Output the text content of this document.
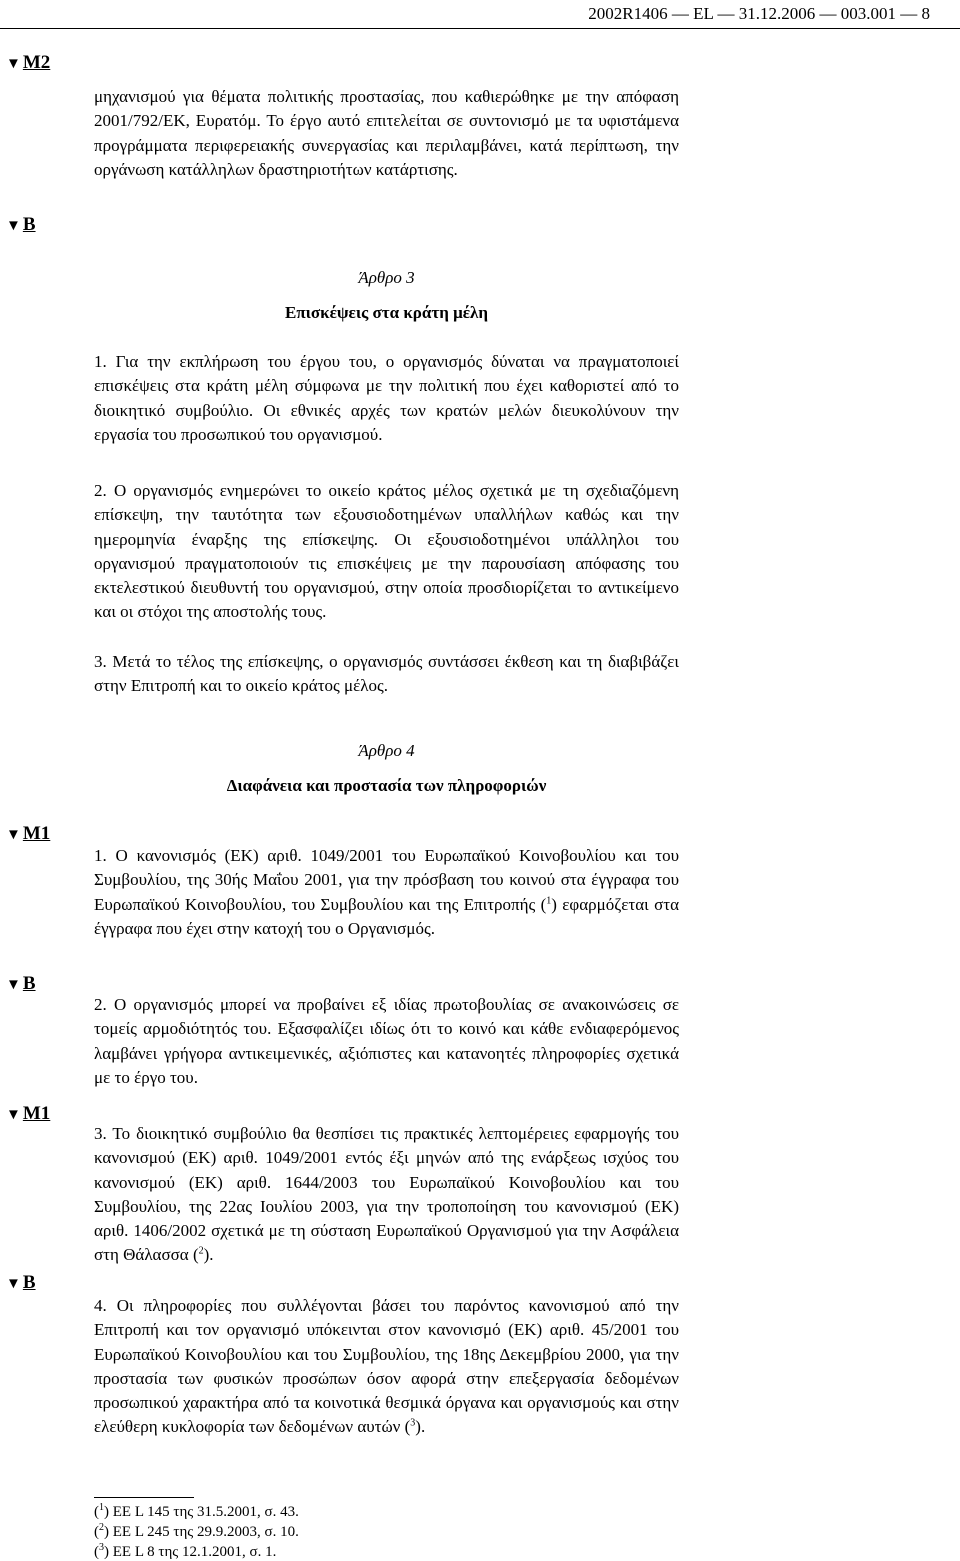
2002R1406 — EL — 31.12.2006 — 003.001 — 8
▼ M2
▼ B
▼ M1
▼ B
▼ M1
▼ B

μηχανισμού για θέματα πολιτικής προστασίας, που καθιερώθηκε με την απόφαση 2001/792/ΕΚ, Ευρατόμ. Το έργο αυτό επιτελείται σε συντονισμό με τα υφιστάμενα προγράμματα περιφερειακής συνεργασίας και περιλαμβάνει, κατά περίπτωση, την οργάνωση κατάλληλων δραστηριοτήτων κατάρτισης.

Άρθρο 3
Επισκέψεις στα κράτη μέλη

1. Για την εκπλήρωση του έργου του, ο οργανισμός δύναται να πραγματοποιεί επισκέψεις στα κράτη μέλη σύμφωνα με την πολιτική που έχει καθοριστεί από το διοικητικό συμβούλιο. Οι εθνικές αρχές των κρατών μελών διευκολύνουν την εργασία του προσωπικού του οργανισμού.

2. Ο οργανισμός ενημερώνει το οικείο κράτος μέλος σχετικά με τη σχεδιαζόμενη επίσκεψη, την ταυτότητα των εξουσιοδοτημένων υπαλλήλων καθώς και την ημερομηνία έναρξης της επίσκεψης. Οι εξουσιοδοτημένοι υπάλληλοι του οργανισμού πραγματοποιούν τις επισκέψεις με την παρουσίαση απόφασης του εκτελεστικού διευθυντή του οργανισμού, στην οποία προσδιορίζεται το αντικείμενο και οι στόχοι της αποστολής τους.

3. Μετά το τέλος της επίσκεψης, ο οργανισμός συντάσσει έκθεση και τη διαβιβάζει στην Επιτροπή και το οικείο κράτος μέλος.

Άρθρο 4
Διαφάνεια και προστασία των πληροφοριών

1. Ο κανονισμός (ΕΚ) αριθ. 1049/2001 του Ευρωπαϊκού Κοινοβουλίου και του Συμβουλίου, της 30ής Μαΐου 2001, για την πρόσβαση του κοινού στα έγγραφα του Ευρωπαϊκού Κοινοβουλίου, του Συμβουλίου και της Επιτροπής ($^1$) εφαρμόζεται στα έγγραφα που έχει στην κατοχή του ο Οργανισμός.

2. Ο οργανισμός μπορεί να προβαίνει εξ ιδίας πρωτοβουλίας σε ανακοινώσεις σε τομείς αρμοδιότητός του. Εξασφαλίζει ιδίως ότι το κοινό και κάθε ενδιαφερόμενος λαμβάνει γρήγορα αντικειμενικές, αξιόπιστες και κατανοητές πληροφορίες σχετικά με το έργο του.

3. Το διοικητικό συμβούλιο θα θεσπίσει τις πρακτικές λεπτομέρειες εφαρμογής του κανονισμού (ΕΚ) αριθ. 1049/2001 εντός έξι μηνών από της ενάρξεως ισχύος του κανονισμού (ΕΚ) αριθ. 1644/2003 του Ευρωπαϊκού Κοινοβουλίου και του Συμβουλίου, της 22ας Ιουλίου 2003, για την τροποποίηση του κανονισμού (ΕΚ) αριθ. 1406/2002 σχετικά με τη σύσταση Ευρωπαϊκού Οργανισμού για την Ασφάλεια στη Θάλασσα ($^2$).

4. Οι πληροφορίες που συλλέγονται βάσει του παρόντος κανονισμού από την Επιτροπή και τον οργανισμό υπόκεινται στον κανονισμό (ΕΚ) αριθ. 45/2001 του Ευρωπαϊκού Κοινοβουλίου και του Συμβουλίου, της 18ης Δεκεμβρίου 2000, για την προστασία των φυσικών προσώπων όσον αφορά στην επεξεργασία δεδομένων προσωπικού χαρακτήρα από τα κοινοτικά θεσμικά όργανα και οργανισμούς και στην ελεύθερη κυκλοφορία των δεδομένων αυτών ($^3$).

($^1$) ΕΕ L 145 της 31.5.2001, σ. 43.
($^2$) ΕΕ L 245 της 29.9.2003, σ. 10.
($^3$) ΕΕ L 8 της 12.1.2001, σ. 1.
